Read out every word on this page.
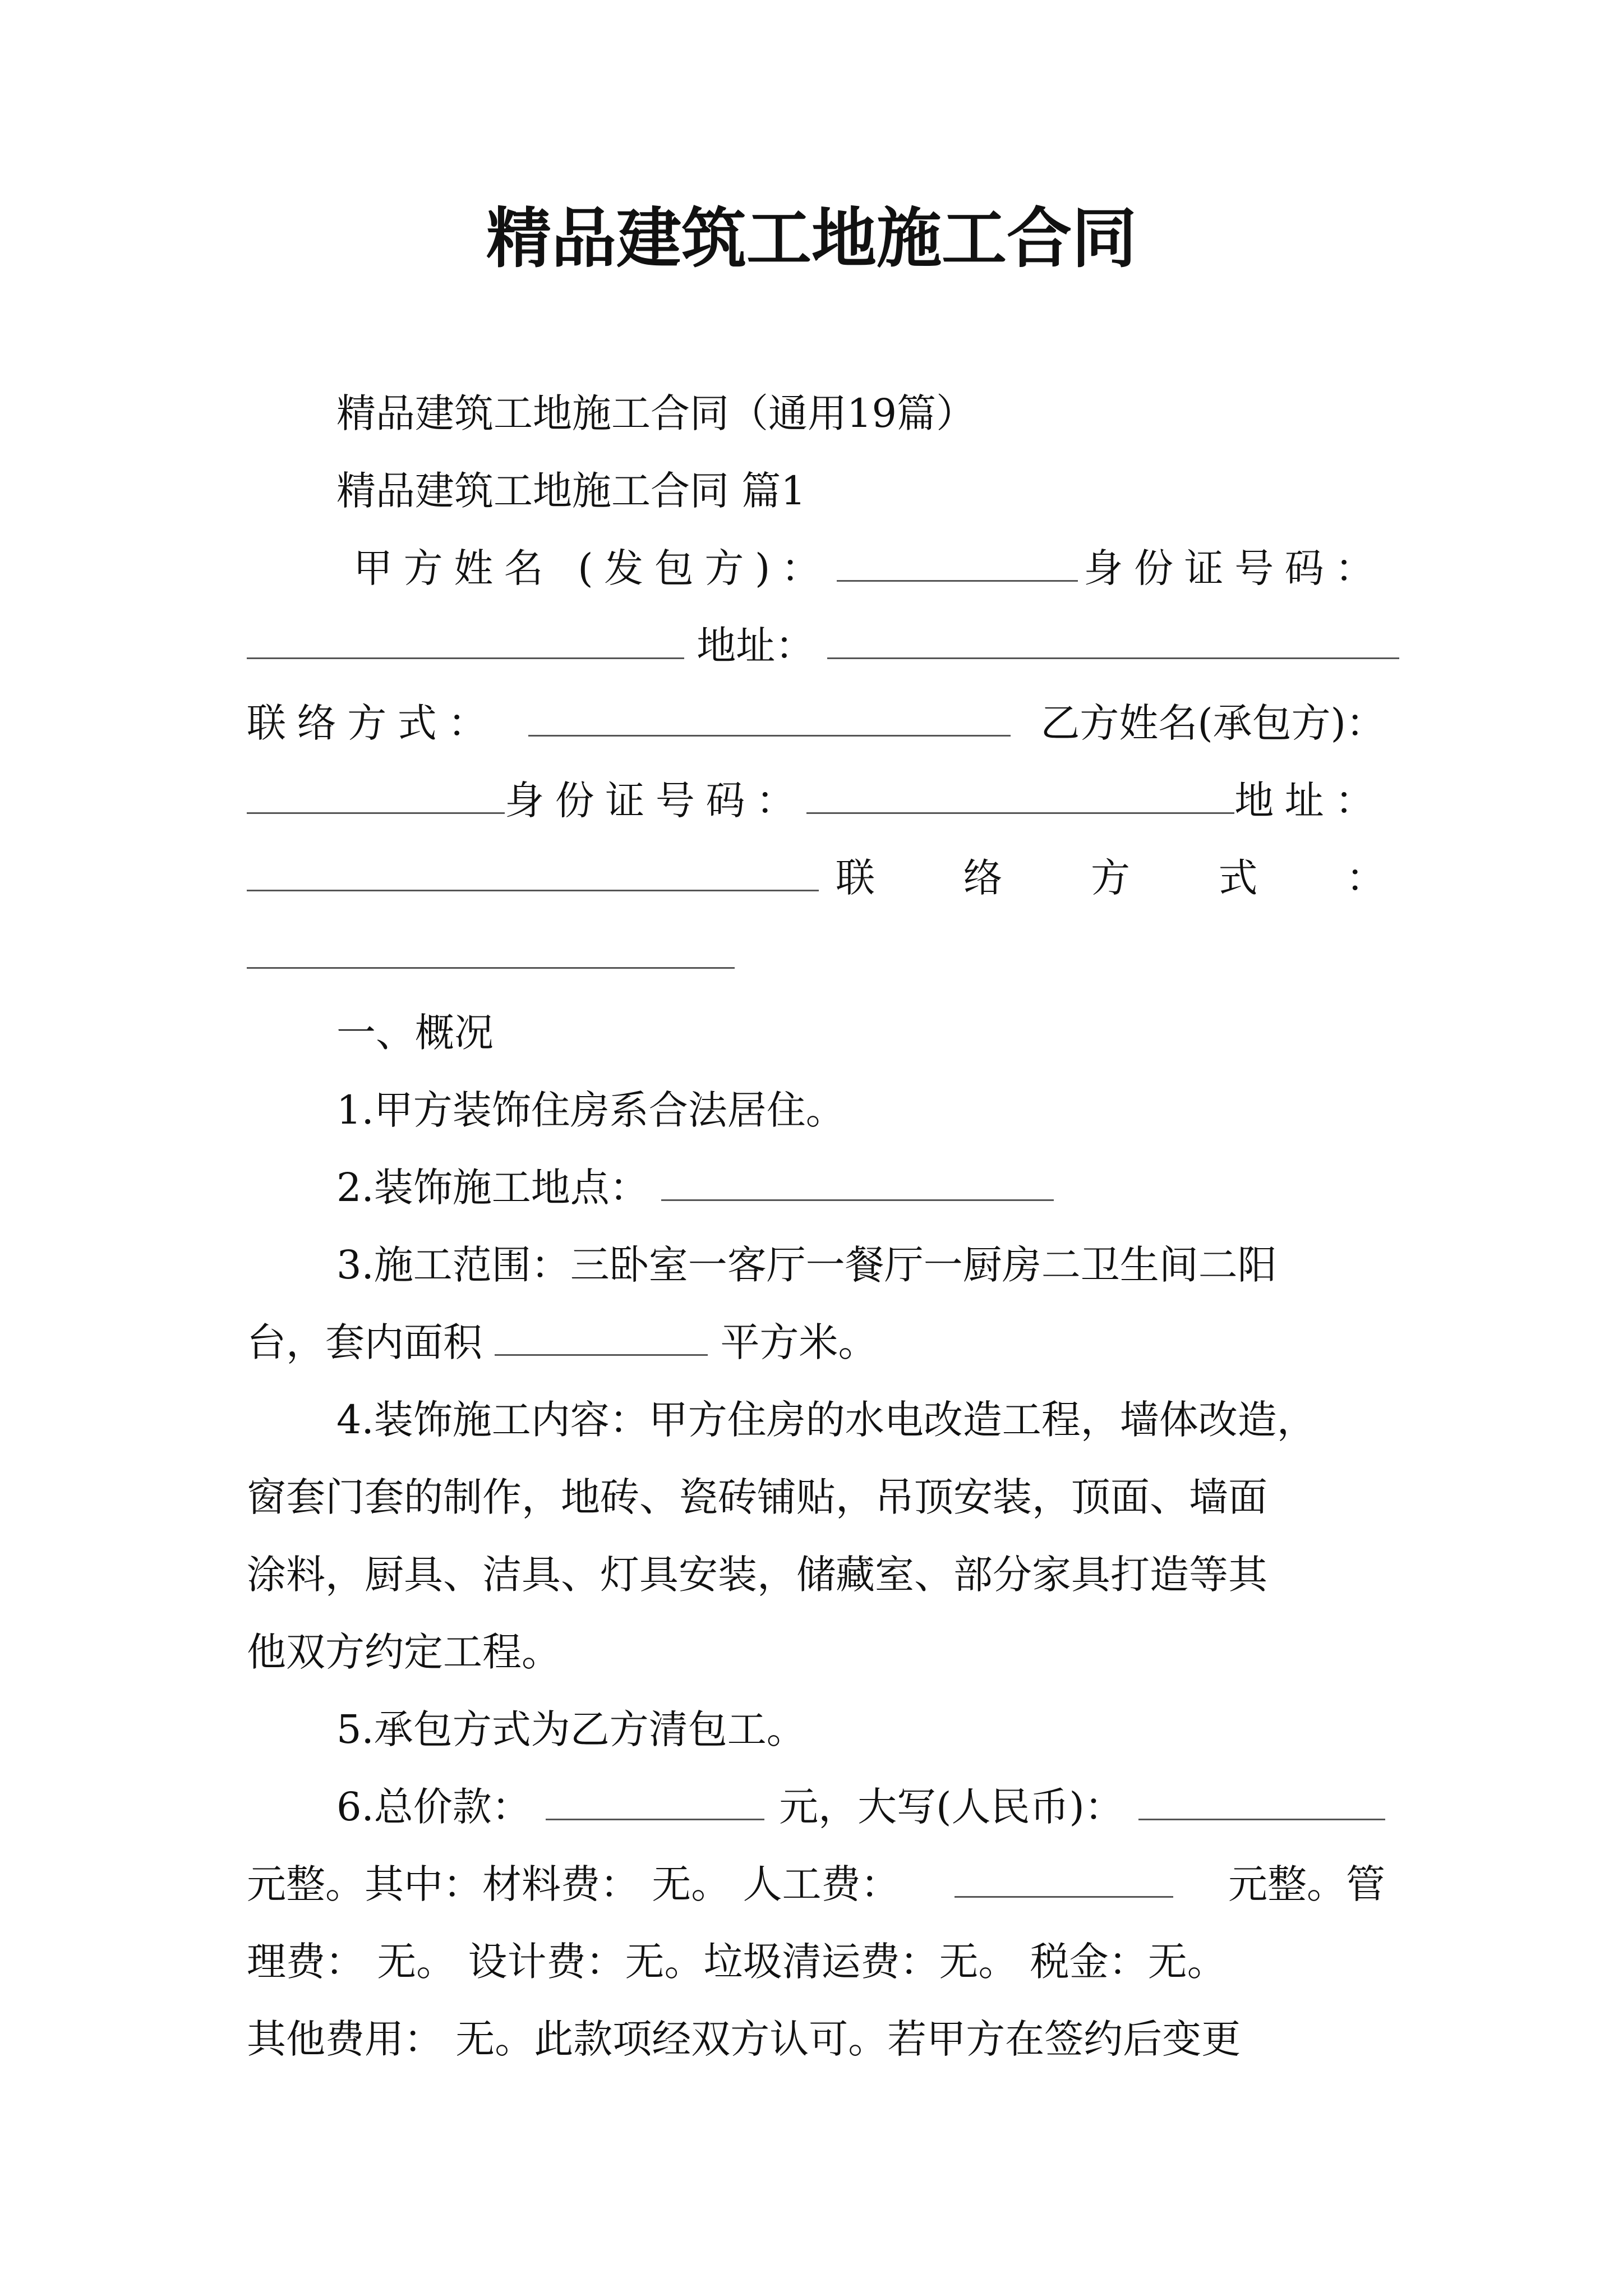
精品建筑工地施工合同
精品建筑工地施工合同（通用19篇）
精品建筑工地施工合同 篇1
甲方姓名 (发包方)：	身份证号码：
地址：
联络方式：	乙方姓名(承包方)：
身份证号码：	地址：
联 络 方 式 ：
一、概况
1.甲方装饰住房系合法居住。
2.装饰施工地点：
3.施工范围：三卧室一客厅一餐厅一厨房二卫生间二阳
台，套内面积	平方米。
4.装饰施工内容：甲方住房的水电改造工程，墙体改造，
窗套门套的制作，地砖、瓷砖铺贴，吊顶安装，顶面、墙面
涂料，厨具、洁具、灯具安装，储藏室、部分家具打造等其
他双方约定工程。
5.承包方式为乙方清包工。
6.总价款：	元，大写(人民币)：
元整。其中：材料费： 无。 人工费：	元整。管
理费： 无。 设计费：无。垃圾清运费：无。 税金：无。
其他费用： 无。此款项经双方认可。若甲方在签约后变更
